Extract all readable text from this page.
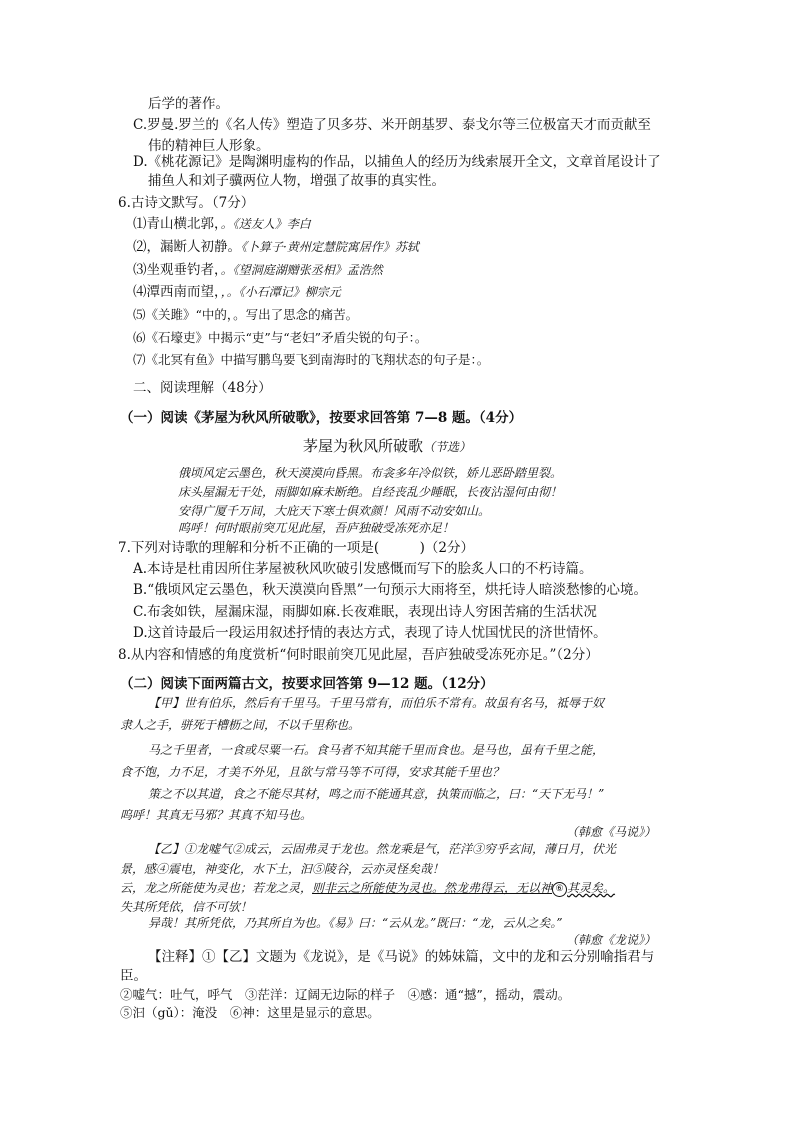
后学的著作。
C.罗曼.罗兰的《名人传》塑造了贝多芬、米开朗基罗、泰戈尔等三位极富天才而贡献至
伟的精神巨人形象。
D.《桃花源记》是陶渊明虚构的作品，以捕鱼人的经历为线索展开全文，文章首尾设计了
捕鱼人和刘子骥两位人物，增强了故事的真实性。
6.古诗文默写。（7分）
⑴青山横北郭，。《送友人》李白
⑵，漏断人初静。《卜算子·黄州定慧院寓居作》苏轼
⑶坐观垂钓者，。《望洞庭湖赠张丞相》孟浩然
⑷潭西南而望，，。《小石潭记》柳宗元
⑸《关雎》“中的，。写出了思念的痛苦。
⑹《石壕吏》中揭示“吏”与“老妇”矛盾尖锐的句子：。
⑺《北冥有鱼》中描写鹏鸟要飞到南海时的飞翔状态的句子是：。
二、阅读理解（48分）
（一）阅读《茅屋为秋风所破歌》，按要求回答第 7—8 题。（4分）
茅屋为秋风所破歌（节选）
俄顷风定云墨色，秋天漠漠向昏黑。布衾多年冷似铁，娇儿恶卧踏里裂。
床头屋漏无干处，雨脚如麻未断绝。自经丧乱少睡眠，长夜沾湿何由彻！
安得广厦千万间，大庇天下寒士俱欢颜！风雨不动安如山。
呜呼！何时眼前突兀见此屋，吾庐独破受冻死亦足！
7.下列对诗歌的理解和分析不正确的一项是(　　　)（2分）
A.本诗是杜甫因所住茅屋被秋风吹破引发感慨而写下的脍炙人口的不朽诗篇。
B.“俄顷风定云墨色，秋天漠漠向昏黑”一句预示大雨将至，烘托诗人暗淡愁惨的心境。
C.布衾如铁，屋漏床湿，雨脚如麻.长夜难眠，表现出诗人穷困苦痛的生活状况
D.这首诗最后一段运用叙述抒情的表达方式，表现了诗人忧国忧民的济世情怀。
8.从内容和情感的角度赏析“何时眼前突兀见此屋，吾庐独破受冻死亦足。”（2分）
（二）阅读下面两篇古文，按要求回答第 9—12 题。（12分）
【甲】世有伯乐，然后有千里马。千里马常有，而伯乐不常有。故虽有名马，祗辱于奴
隶人之手，骈死于槽枥之间，不以千里称也。
马之千里者，一食或尽粟一石。食马者不知其能千里而食也。是马也，虽有千里之能，
食不饱，力不足，才美不外见，且欲与常马等不可得，安求其能千里也？
策之不以其道，食之不能尽其材，鸣之而不能通其意，执策而临之，曰：“天下无马！”
呜呼！其真无马邪？其真不知马也。
（韩愈《马说》）
【乙】①龙嘘气②成云，云固弗灵于龙也。然龙乘是气，茫洋③穷乎玄间，薄日月，伏光
景，感④震电，神变化，水下土，汩⑤陵谷，云亦灵怪矣哉！
云，龙之所能使为灵也；若龙之灵，则非云之所能使为灵也。然龙弗得云，无以神 ⑥ 其灵矣。
失其所凭依，信不可欤！
异哉！其所凭依，乃其所自为也。《易》曰：“云从龙。”既曰：“龙，云从之矣。”
（韩愈《龙说》）
【注释】①【乙】文题为《龙说》，是《马说》的姊妹篇，文中的龙和云分别喻指君与
臣。
②嘘气：吐气，呼气　③茫洋：辽阔无边际的样子　④感：通“撼”，摇动，震动。
⑤汩（gǔ）：淹没　⑥神：这里是显示的意思。
